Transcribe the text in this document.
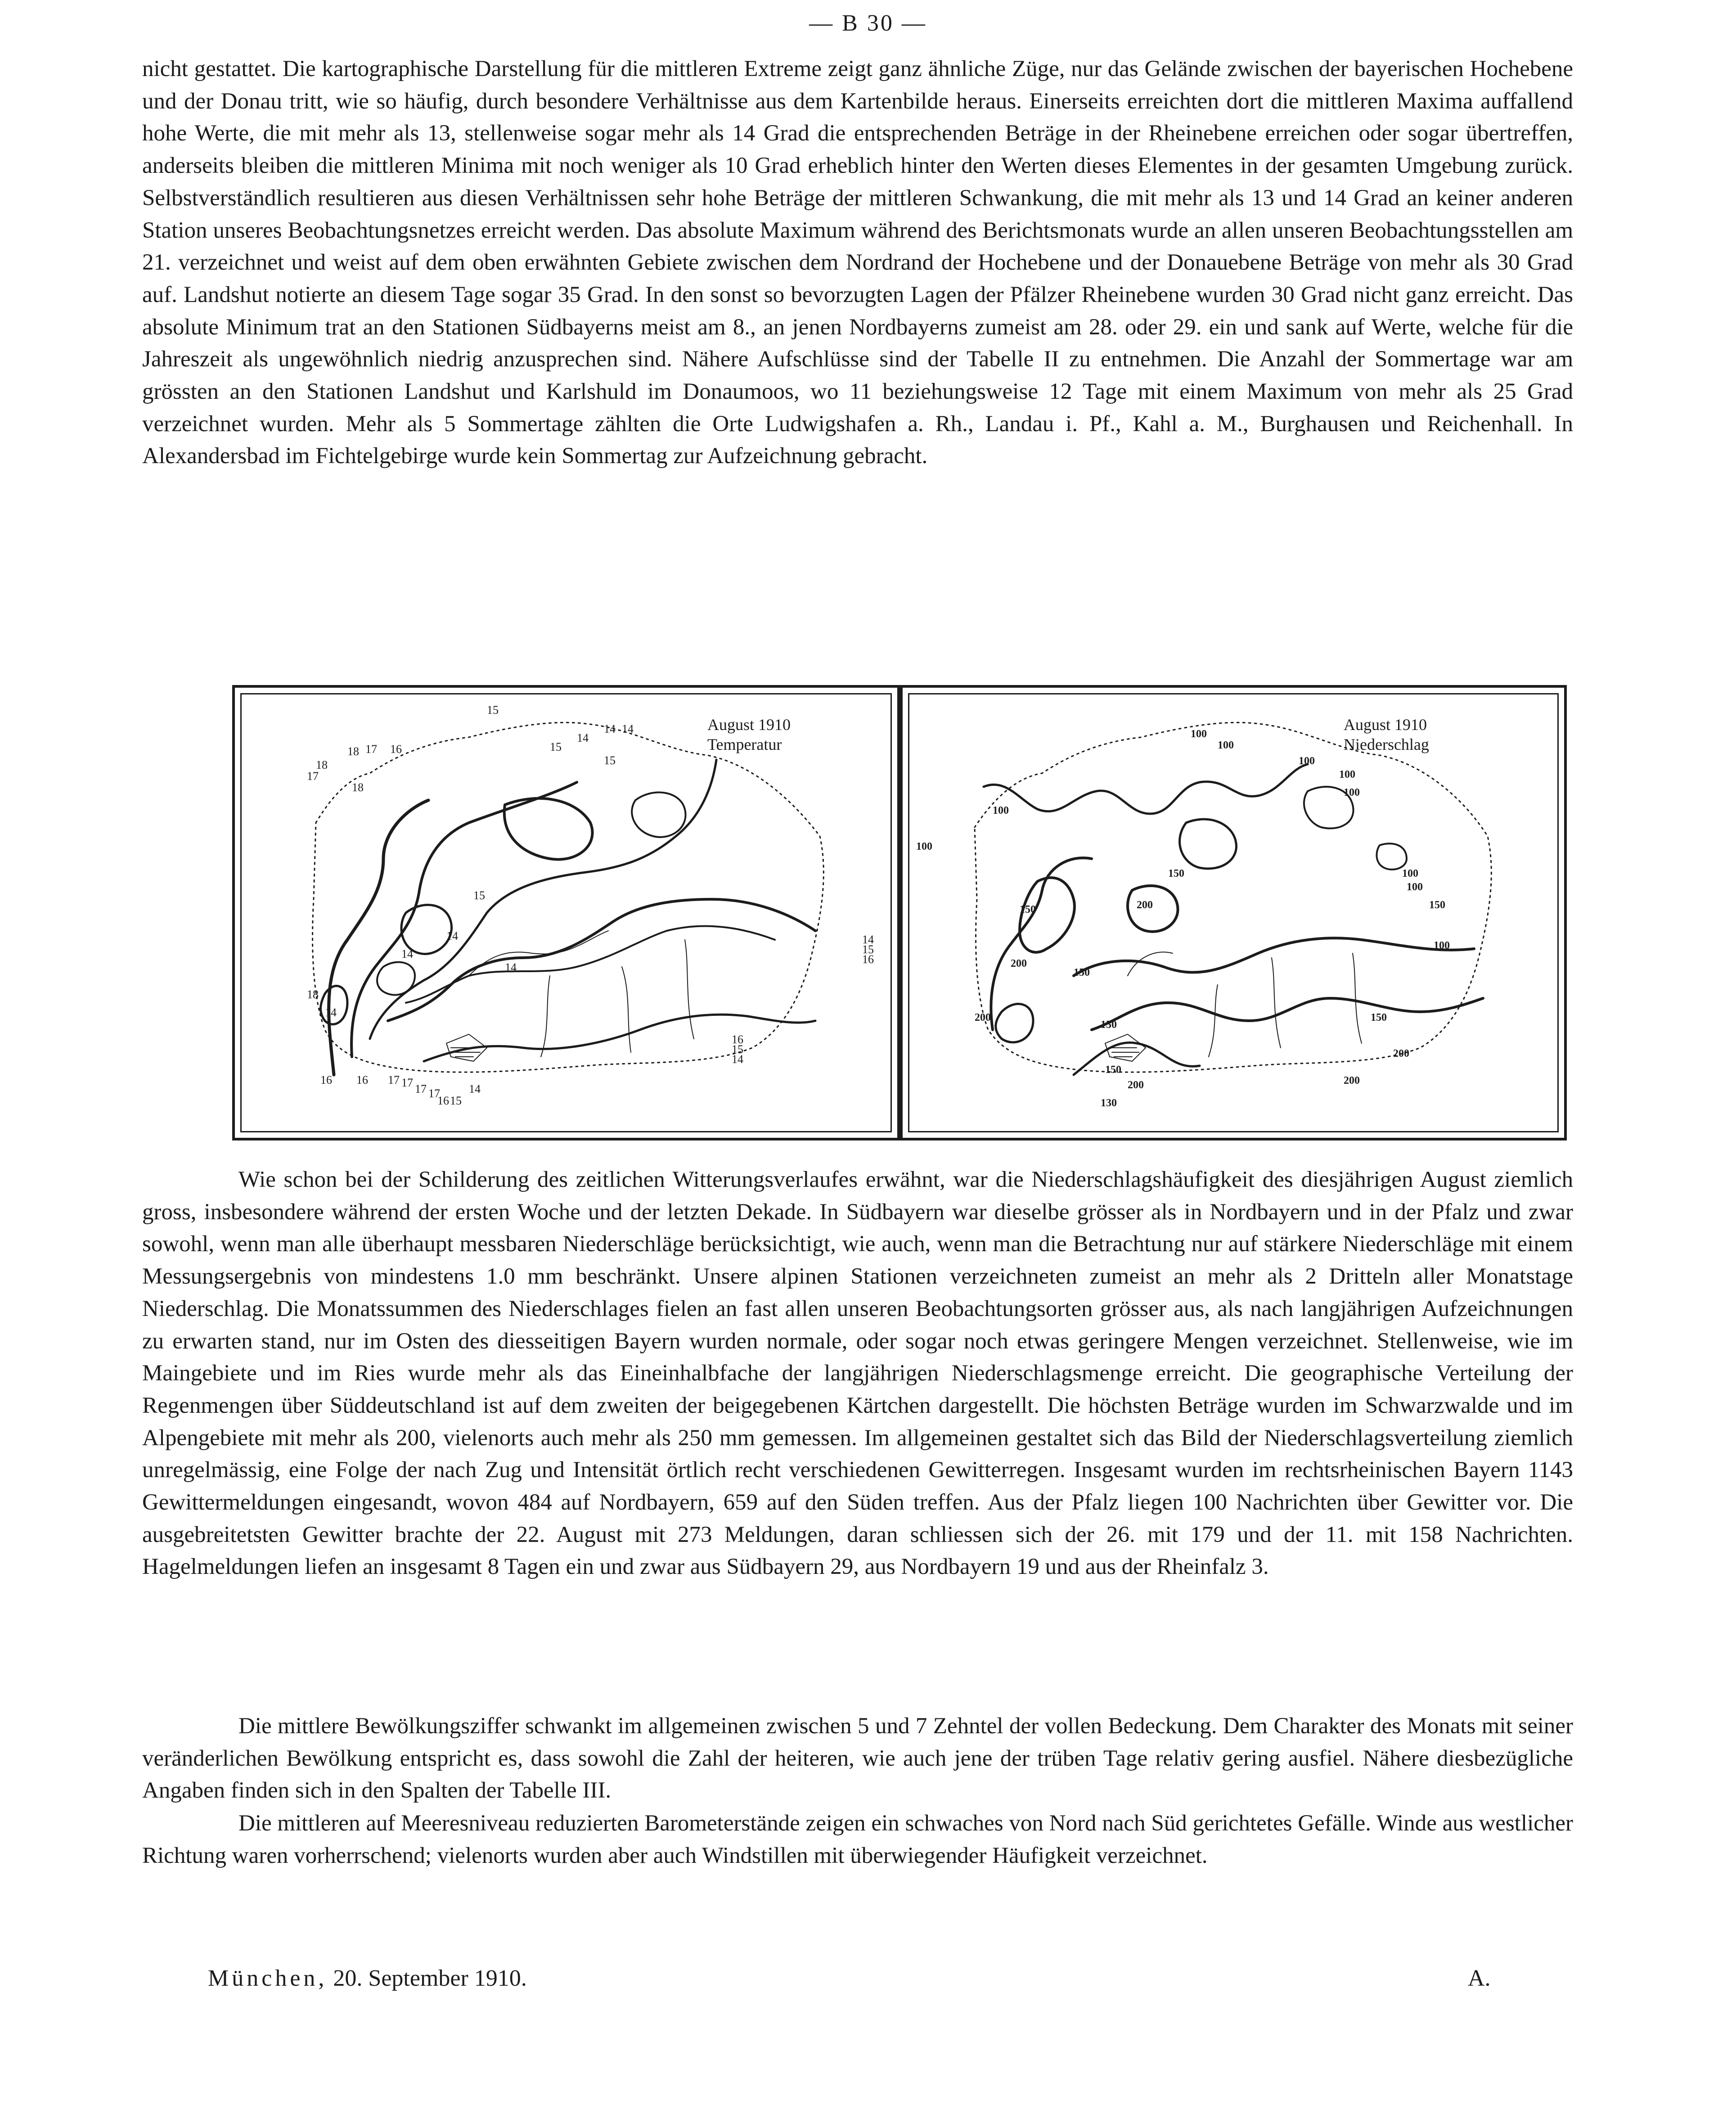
— B 30 —

nicht gestattet. Die kartographische Darstellung für die mittleren Extreme zeigt ganz ähnliche Züge, nur das Gelände zwischen der bayerischen Hochebene und der Donau tritt, wie so häufig, durch besondere Verhältnisse aus dem Kartenbilde heraus. Einerseits erreichten dort die mittleren Maxima auffallend hohe Werte, die mit mehr als 13, stellenweise sogar mehr als 14 Grad die entsprechenden Beträge in der Rheinebene erreichen oder sogar übertreffen, anderseits bleiben die mittleren Minima mit noch weniger als 10 Grad erheblich hinter den Werten dieses Elementes in der gesamten Umgebung zurück. Selbstverständlich resultieren aus diesen Verhältnissen sehr hohe Beträge der mittleren Schwankung, die mit mehr als 13 und 14 Grad an keiner anderen Station unseres Beobachtungsnetzes erreicht werden. Das absolute Maximum während des Berichtsmonats wurde an allen unseren Beobachtungsstellen am 21. verzeichnet und weist auf dem oben erwähnten Gebiete zwischen dem Nordrand der Hochebene und der Donauebene Beträge von mehr als 30 Grad auf. Landshut notierte an diesem Tage sogar 35 Grad. In den sonst so bevorzugten Lagen der Pfälzer Rheinebene wurden 30 Grad nicht ganz erreicht. Das absolute Minimum trat an den Stationen Südbayerns meist am 8., an jenen Nordbayerns zumeist am 28. oder 29. ein und sank auf Werte, welche für die Jahreszeit als ungewöhnlich niedrig anzusprechen sind. Nähere Aufschlüsse sind der Tabelle II zu entnehmen. Die Anzahl der Sommertage war am grössten an den Stationen Landshut und Karlshuld im Donaumoos, wo 11 beziehungsweise 12 Tage mit einem Maximum von mehr als 25 Grad verzeichnet wurden. Mehr als 5 Sommertage zählten die Orte Ludwigshafen a. Rh., Landau i. Pf., Kahl a. M., Burghausen und Reichenhall. In Alexandersbad im Fichtelgebirge wurde kein Sommertag zur Aufzeichnung gebracht.

15
14
14 14
18 17 16	15
15
17
18
18
15
14
14	14
18
14
14
15
16
16
15
14
16 16 17 17 17 17
16 15
14
August 1910
Temperatur
100
100
100
100
100
100
100
150	100
100
200	150
150
200
150
100
200
150
150
200
200
150
200
130
August 1910
Niederschlag

Wie schon bei der Schilderung des zeitlichen Witterungsverlaufes erwähnt, war die Niederschlagshäufigkeit des diesjährigen August ziemlich gross, insbesondere während der ersten Woche und der letzten Dekade. In Südbayern war dieselbe grösser als in Nordbayern und in der Pfalz und zwar sowohl, wenn man alle überhaupt messbaren Niederschläge berücksichtigt, wie auch, wenn man die Betrachtung nur auf stärkere Niederschläge mit einem Messungsergebnis von mindestens 1.0 mm beschränkt. Unsere alpinen Stationen verzeichneten zumeist an mehr als 2 Dritteln aller Monatstage Niederschlag. Die Monatssummen des Niederschlages fielen an fast allen unseren Beobachtungsorten grösser aus, als nach langjährigen Aufzeichnungen zu erwarten stand, nur im Osten des diesseitigen Bayern wurden normale, oder sogar noch etwas geringere Mengen verzeichnet. Stellenweise, wie im Maingebiete und im Ries wurde mehr als das Eineinhalbfache der langjährigen Niederschlagsmenge erreicht. Die geographische Verteilung der Regenmengen über Süddeutschland ist auf dem zweiten der beigegebenen Kärtchen dargestellt. Die höchsten Beträge wurden im Schwarzwalde und im Alpengebiete mit mehr als 200, vielenorts auch mehr als 250 mm gemessen. Im allgemeinen gestaltet sich das Bild der Niederschlagsverteilung ziemlich unregelmässig, eine Folge der nach Zug und Intensität örtlich recht verschiedenen Gewitterregen. Insgesamt wurden im rechtsrheinischen Bayern 1143 Gewittermeldungen eingesandt, wovon 484 auf Nordbayern, 659 auf den Süden treffen. Aus der Pfalz liegen 100 Nachrichten über Gewitter vor. Die ausgebreitetsten Gewitter brachte der 22. August mit 273 Meldungen, daran schliessen sich der 26. mit 179 und der 11. mit 158 Nachrichten. Hagelmeldungen liefen an insgesamt 8 Tagen ein und zwar aus Südbayern 29, aus Nordbayern 19 und aus der Rheinfalz 3.

Die mittlere Bewölkungsziffer schwankt im allgemeinen zwischen 5 und 7 Zehntel der vollen Bedeckung. Dem Charakter des Monats mit seiner veränderlichen Bewölkung entspricht es, dass sowohl die Zahl der heiteren, wie auch jene der trüben Tage relativ gering ausfiel. Nähere diesbezügliche Angaben finden sich in den Spalten der Tabelle III.

Die mittleren auf Meeresniveau reduzierten Barometerstände zeigen ein schwaches von Nord nach Süd gerichtetes Gefälle. Winde aus westlicher Richtung waren vorherrschend; vielenorts wurden aber auch Windstillen mit überwiegender Häufigkeit verzeichnet.

München, 20. September 1910.	A.
